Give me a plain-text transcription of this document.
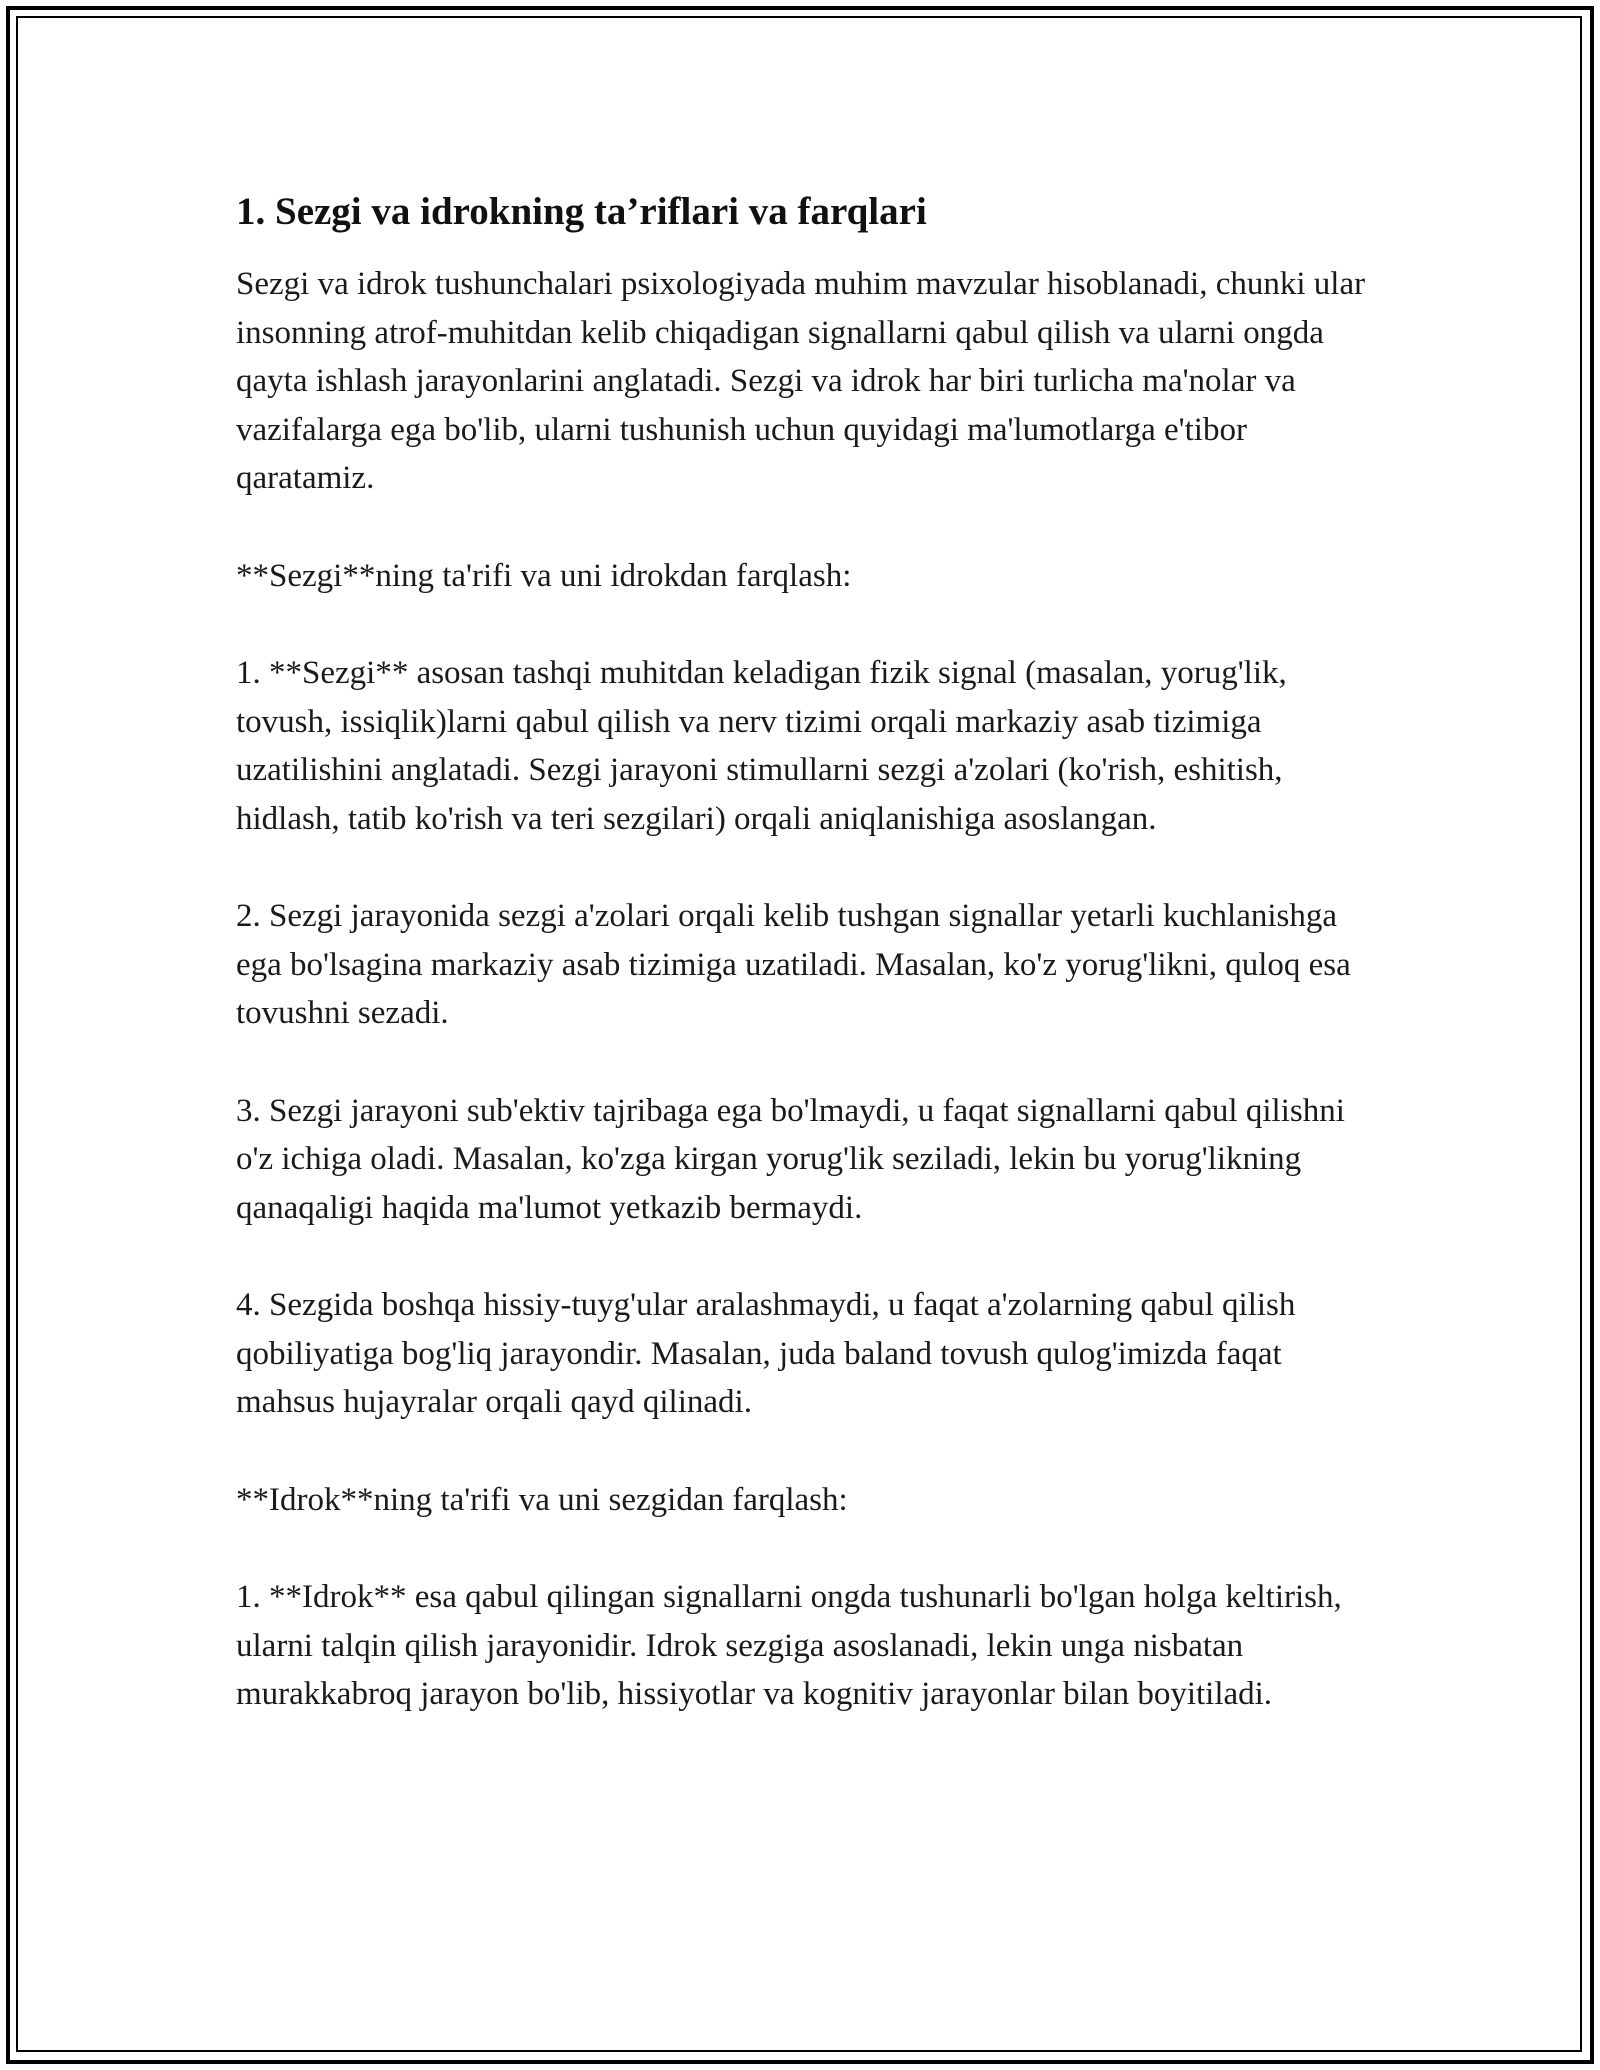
1. Sezgi va idrokning ta’riflari va farqlari

Sezgi va idrok tushunchalari psixologiyada muhim mavzular hisoblanadi, chunki ular insonning atrof-muhitdan kelib chiqadigan signallarni qabul qilish va ularni ongda qayta ishlash jarayonlarini anglatadi. Sezgi va idrok har biri turlicha ma'nolar va vazifalarga ega bo'lib, ularni tushunish uchun quyidagi ma'lumotlarga e'tibor qaratamiz.

**Sezgi**ning ta'rifi va uni idrokdan farqlash:

1. **Sezgi** asosan tashqi muhitdan keladigan fizik signal (masalan, yorug'lik, tovush, issiqlik)larni qabul qilish va nerv tizimi orqali markaziy asab tizimiga uzatilishini anglatadi. Sezgi jarayoni stimullarni sezgi a'zolari (ko'rish, eshitish, hidlash, tatib ko'rish va teri sezgilari) orqali aniqlanishiga asoslangan.

2. Sezgi jarayonida sezgi a'zolari orqali kelib tushgan signallar yetarli kuchlanishga ega bo'lsagina markaziy asab tizimiga uzatiladi. Masalan, ko'z yorug'likni, quloq esa tovushni sezadi.

3. Sezgi jarayoni sub'ektiv tajribaga ega bo'lmaydi, u faqat signallarni qabul qilishni o'z ichiga oladi. Masalan, ko'zga kirgan yorug'lik seziladi, lekin bu yorug'likning qanaqaligi haqida ma'lumot yetkazib bermaydi.

4. Sezgida boshqa hissiy-tuyg'ular aralashmaydi, u faqat a'zolarning qabul qilish qobiliyatiga bog'liq jarayondir. Masalan, juda baland tovush qulog'imizda faqat mahsus hujayralar orqali qayd qilinadi.

**Idrok**ning ta'rifi va uni sezgidan farqlash:

1. **Idrok** esa qabul qilingan signallarni ongda tushunarli bo'lgan holga keltirish, ularni talqin qilish jarayonidir. Idrok sezgiga asoslanadi, lekin unga nisbatan murakkabroq jarayon bo'lib, hissiyotlar va kognitiv jarayonlar bilan boyitiladi.
